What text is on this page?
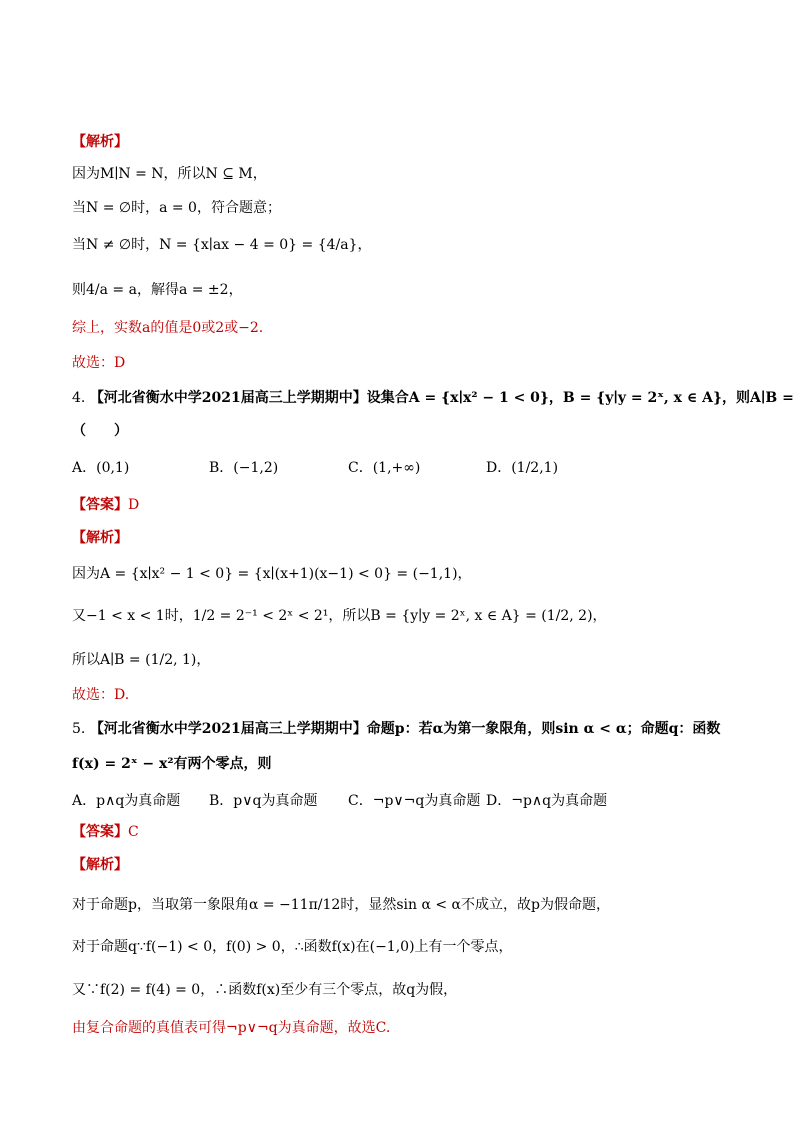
【解析】
因为M∣N = N，所以N ⊆ M，
当N = ∅时，a = 0，符合题意；
当N ≠ ∅时，N = {x∣ax − 4 = 0} = {4/a}，
则4/a = a，解得a = ±2，
综上，实数a的值是0或2或−2.
故选：D
4. 【河北省衡水中学2021届高三上学期期中】设集合A = {x∣x² − 1 < 0}，B = {y∣y = 2ˣ, x ∈ A}，则A∣B =
（　　）
A．(0,1)	B．(−1,2)	C．(1,+∞)	D．(1/2,1)
【答案】D
【解析】
因为A = {x∣x² − 1 < 0} = {x∣(x+1)(x−1) < 0} = (−1,1)，
又−1 < x < 1时，1/2 = 2⁻¹ < 2ˣ < 2¹，所以B = {y∣y = 2ˣ, x ∈ A} = (1/2, 2)，
所以A∣B = (1/2, 1)，
故选：D.
5. 【河北省衡水中学2021届高三上学期期中】命题p：若α为第一象限角，则sin α < α；命题q：函数
f(x) = 2ˣ − x²有两个零点，则
A．p∧q为真命题 B．p∨q为真命题 C．¬p∨¬q为真命题 D．¬p∧q为真命题
【答案】C
【解析】
对于命题p，当取第一象限角α = −11π/12时，显然sin α < α不成立，故p为假命题，
对于命题q∵f(−1) < 0，f(0) > 0，∴函数f(x)在(−1,0)上有一个零点，
又∵f(2) = f(4) = 0，∴函数f(x)至少有三个零点，故q为假，
由复合命题的真值表可得¬p∨¬q为真命题，故选C.
